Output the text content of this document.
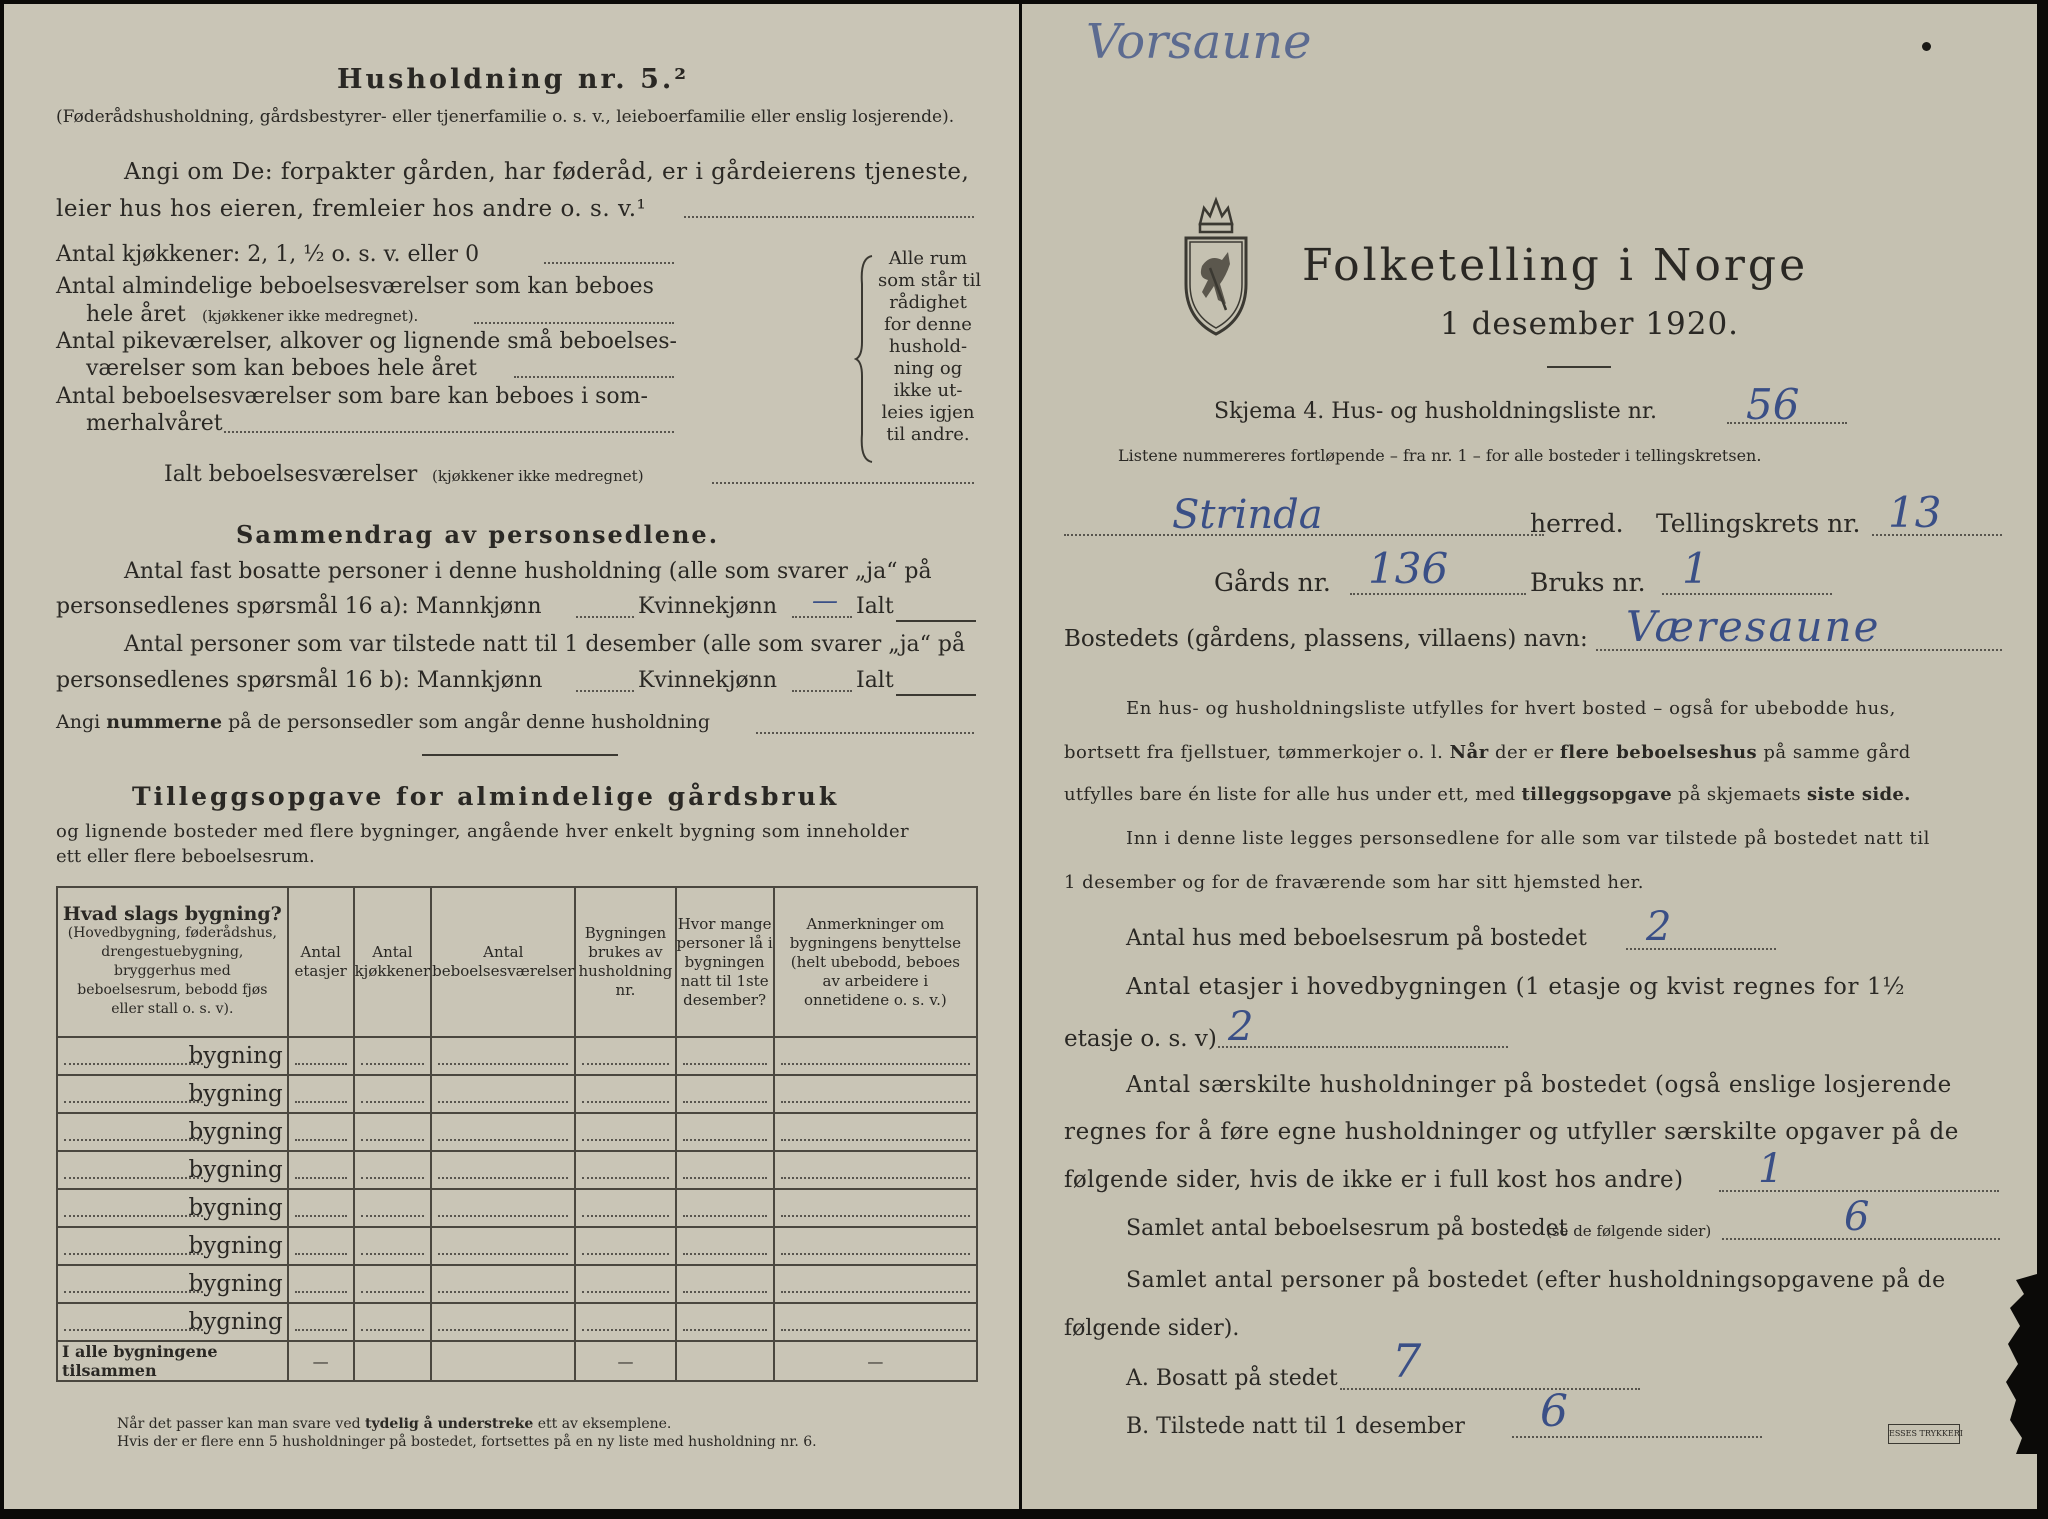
Husholdning nr. 5.²
(Føderådshusholdning, gårdsbestyrer- eller tjenerfamilie o. s. v., leieboerfamilie eller enslig losjerende).
Angi om De: forpakter gården, har føderåd, er i gårdeierens tjeneste,
leier hus hos eieren, fremleier hos andre o. s. v.¹
Antal kjøkkener: 2, 1, ½ o. s. v. eller 0
Antal almindelige beboelsesværelser som kan beboes
hele året (kjøkkener ikke medregnet).
Antal pikeværelser, alkover og lignende små beboelses-
værelser som kan beboes hele året
Antal beboelsesværelser som bare kan beboes i som-
merhalvåret
Ialt beboelsesværelser (kjøkkener ikke medregnet)
Alle rum
som står til
rådighet
for denne
hushold-
ning og
ikke ut-
leies igjen
til andre.
Sammendrag av personsedlene.
Antal fast bosatte personer i denne husholdning (alle som svarer „ja“ på
personsedlenes spørsmål 16 a): Mannkjønn	Kvinnekjønn — Ialt
Antal personer som var tilstede natt til 1 desember (alle som svarer „ja“ på
personsedlenes spørsmål 16 b): Mannkjønn	Kvinnekjønn	Ialt
Angi nummerne på de personsedler som angår denne husholdning
Tilleggsopgave for almindelige gårdsbruk
og lignende bosteder med flere bygninger, angående hver enkelt bygning som inneholder
ett eller flere beboelsesrum.
Hvad slags bygning?
(Hovedbygning, føderådshus, drengestuebygning, bryggerhus med beboelsesrum, bebodd fjøs eller stall o. s. v).	Antal etasjer	Antal kjøkkener	Antal beboelsesværelser	Bygningen brukes av husholdning nr.	Hvor mange personer lå i bygningen natt til 1ste desember?	Anmerkninger om bygningens benyttelse (helt ubebodd, beboes av arbeidere i onnetidene o. s. v.)

bygning						

bygning						

bygning						

bygning						

bygning						

bygning						

bygning						

bygning						

I alle bygningene tilsammen	—			—		—
Når det passer kan man svare ved tydelig å understreke ett av eksemplene.
Hvis der er flere enn 5 husholdninger på bostedet, fortsettes på en ny liste med husholdning nr. 6.
Vorsaune
Folketelling i Norge
1 desember 1920.
Skjema 4. Hus- og husholdningsliste nr. 56
Listene nummereres fortløpende – fra nr. 1 – for alle bosteder i tellingskretsen.
Strinda	herred. Tellingskrets nr. 13
Gårds nr. 136	Bruks nr. 1
Bostedets (gårdens, plassens, villaens) navn: Væresaune
En hus- og husholdningsliste utfylles for hvert bosted – også for ubebodde hus,
bortsett fra fjellstuer, tømmerkojer o. l. Når der er flere beboelseshus på samme gård
utfylles bare én liste for alle hus under ett, med tilleggsopgave på skjemaets siste side.
Inn i denne liste legges personsedlene for alle som var tilstede på bostedet natt til
1 desember og for de fraværende som har sitt hjemsted her.
Antal hus med beboelsesrum på bostedet 2
Antal etasjer i hovedbygningen (1 etasje og kvist regnes for 1½
etasje o. s. v) 2
Antal særskilte husholdninger på bostedet (også enslige losjerende
regnes for å føre egne husholdninger og utfyller særskilte opgaver på de
følgende sider, hvis de ikke er i full kost hos andre) 1
Samlet antal beboelsesrum på bostedet
(se de følgende sider)	6
Samlet antal personer på bostedet (efter husholdningsopgavene på de
følgende sider).
A. Bosatt på stedet 7
B. Tilstede natt til 1 desember 6	ESSES TRYKKERI
